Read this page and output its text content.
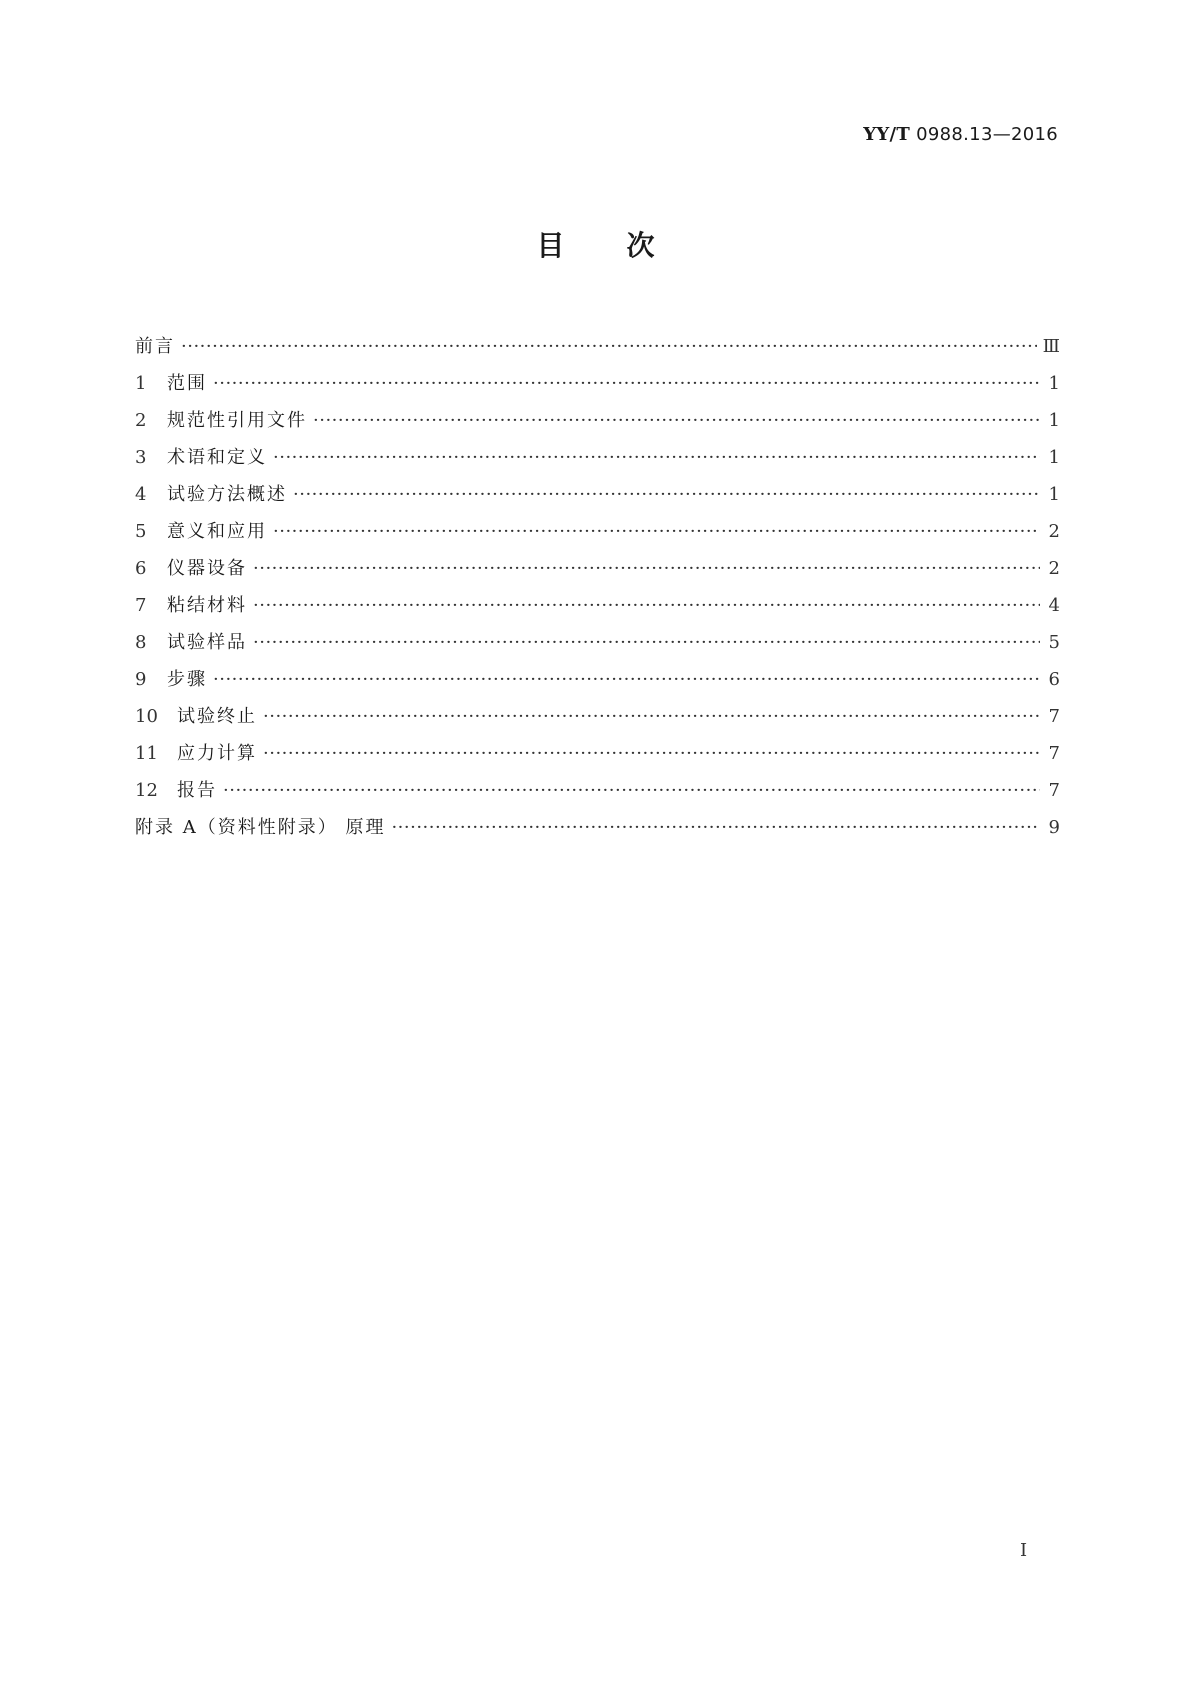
YY/T 0988.13—2016
目次
前言 ·····	Ⅲ
1	范围 ·····	1
2	规范性引用文件 ·····	1
3	术语和定义 ·····	1
4	试验方法概述 ·····	1
5	意义和应用 ·····	2
6	仪器设备 ·····	2
7	粘结材料 ·····	4
8	试验样品 ·····	5
9	步骤 ·····	6
10	试验终止 ·····	7
11	应力计算 ·····	7
12	报告 ·····	7
附录 A（资料性附录） 原理 ·····	9
Ⅰ
